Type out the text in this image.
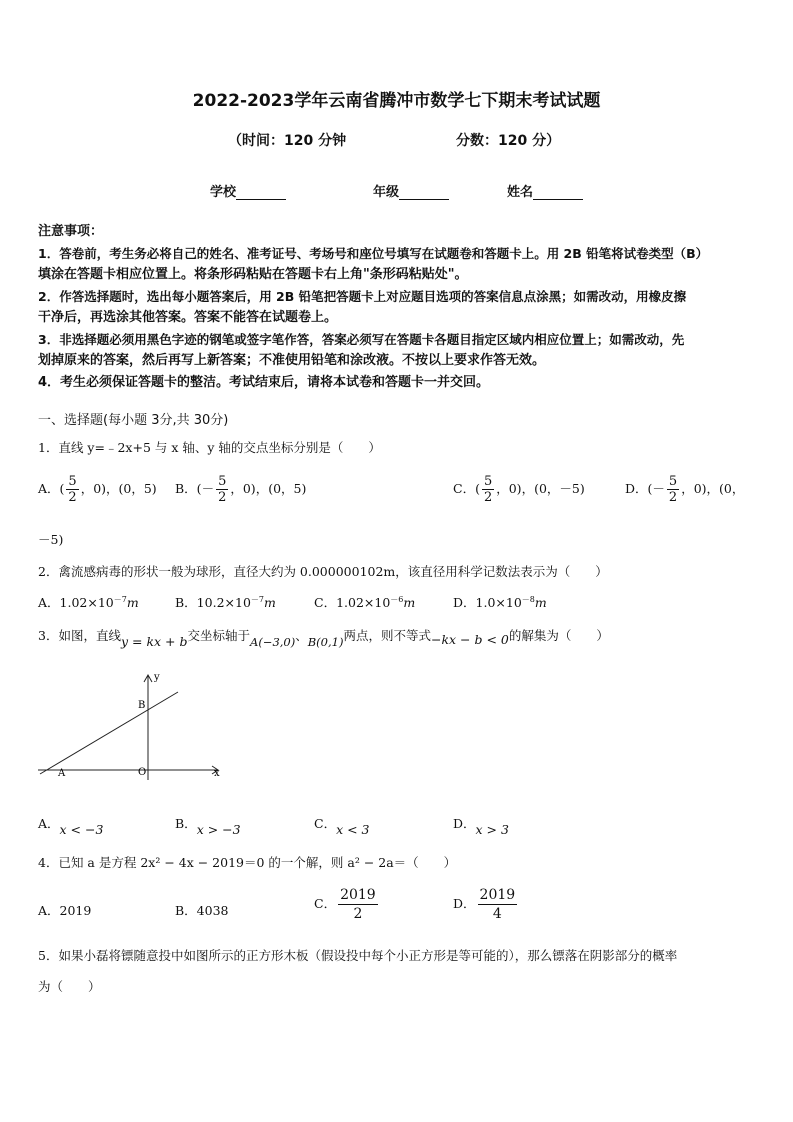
2022-2023学年云南省腾冲市数学七下期末考试试题
（时间：120 分钟	分数：120 分）
学校	年级	姓名

注意事项：

1．答卷前，考生务必将自己的姓名、准考证号、考场号和座位号填写在试题卷和答题卡上。用 2B 铅笔将试卷类型（B）

填涂在答题卡相应位置上。将条形码粘贴在答题卡右上角"条形码粘贴处"。

2．作答选择题时，选出每小题答案后，用 2B 铅笔把答题卡上对应题目选项的答案信息点涂黑；如需改动，用橡皮擦

干净后，再选涂其他答案。答案不能答在试题卷上。

3．非选择题必须用黑色字迹的钢笔或签字笔作答，答案必须写在答题卡各题目指定区域内相应位置上；如需改动，先

划掉原来的答案，然后再写上新答案；不准使用铅笔和涂改液。不按以上要求作答无效。

4．考生必须保证答题卡的整洁。考试结束后，请将本试卷和答题卡一并交回。

一、选择题(每小题 3分,共 30分)
1．直线 y=﹣2x+5 与 x 轴、y 轴的交点坐标分别是（　　）
A．( $\frac{5}{2}$ ，0)，(0，5) B．(－ $\frac{5}{2}$ ，0)，(0，5)	C．( $\frac{5}{2}$ ，0)，(0，－5)	D．(－ $\frac{5}{2}$ ，0)，(0，
－5)
2．禽流感病毒的形状一般为球形，直径大约为 0.000000102m，该直径用科学记数法表示为（　　）
A．$1.02\times 10^{-7}m$	B．$10.2\times 10^{-7}m$	C．$1.02\times 10^{-6}m$	D．$1.0\times 10^{-8}m$
3．如图，直线y = kx + b交坐标轴于A(−3,0)、B(0,1)两点，则不等式−kx − b < 0的解集为（　　）
y
x
B
A	O
A．x < −3	B．x > −3	C．x < 3	D．x > 3
4．已知 a 是方程 2x² − 4x − 2019＝0 的一个解，则 a² − 2a＝（　　）
A．2019	B．4038	C． $\frac{2019}{2}$	D． $\frac{2019}{4}$
5．如果小磊将镖随意投中如图所示的正方形木板（假设投中每个小正方形是等可能的），那么镖落在阴影部分的概率
为（　　）
